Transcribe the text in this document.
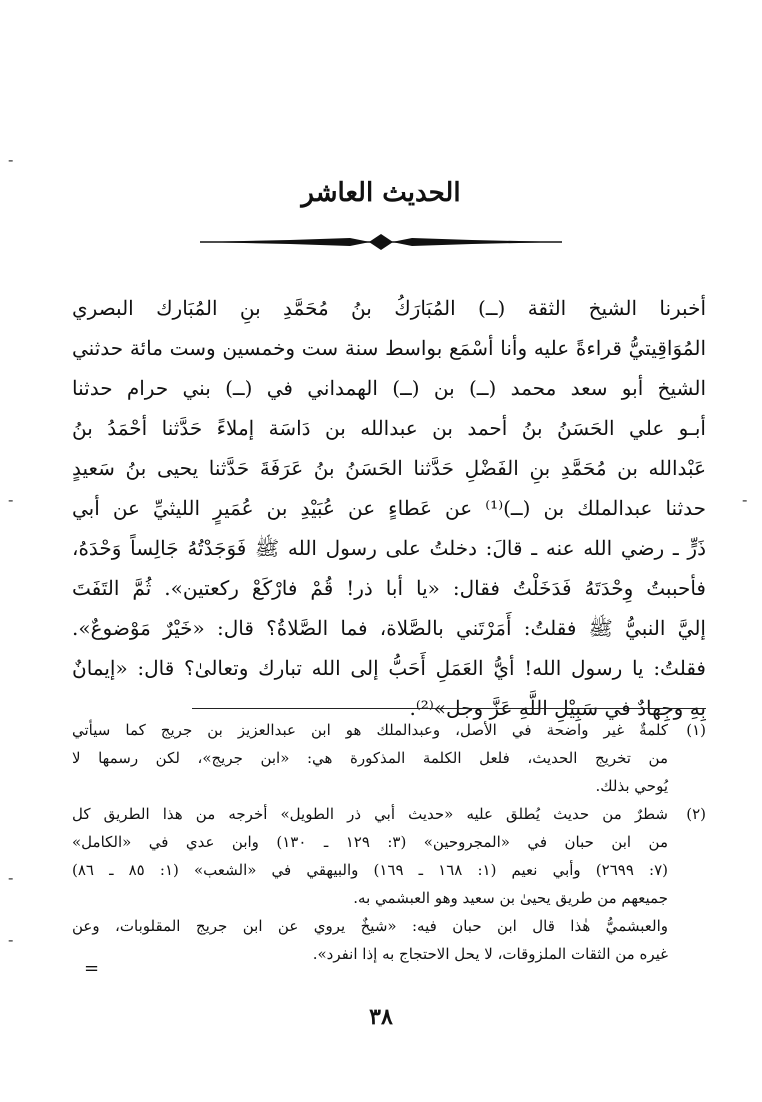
الحديث العاشر
أخبرنا الشيخ الثقة (ــ) المُبَارَكُ بنُ مُحَمَّدِ بنِ المُبَارك البصري
المُوَاقِيتيُّ قراءةً عليه وأنا أسْمَع بواسط سنة ست وخمسين وست مائة حدثني
الشيخ أبو سعد محمد (ــ) بن (ــ) الهمداني في (ــ) بني حرام حدثنا
أبـو علي الحَسَنُ بنُ أحمد بن عبدالله بن دَاسَة إملاءً حَدَّثنا أحْمَدُ بنُ
عَبْدالله بن مُحَمَّدِ بنِ الفَضْلِ حَدَّثنا الحَسَنُ بنُ عَرَفَةَ حَدَّثنا يحيى بنُ سَعيدٍ
حدثنا عبدالملك بن (ــ)⁽¹⁾ عن عَطاءٍ عن عُبَيْدِ بن عُمَيرٍ الليثيِّ عن أبي
ذَرٍّ ـ رضي الله عنه ـ قالَ: دخلتُ على رسول الله ﷺ فَوَجَدْتُهُ جَالِساً وَحْدَهُ،
فأحببتُ وِحْدَتَهُ فَدَخَلْتُ فقال: «يا أبا ذر! قُمْ فارْكَعْ ركعتين». ثُمَّ التَفَتَ
إليَّ النبيُّ ﷺ فقلتُ: أَمَرْتَني بالصَّلاة، فما الصَّلاةُ؟ قال: «خَيْرٌ مَوْضوعٌ».
فقلتُ: يا رسول الله! أيُّ العَمَلِ أَحَبُّ إلى الله تبارك وتعالىٰ؟ قال: «إيمانٌ
بِهِ وجِهادٌ في سَبِيْلِ اللَّهِ عَزَّ وجل»⁽²⁾.
(١)كلمةٌ غير واضحة في الأصل، وعبدالملك هو ابن عبدالعزيز بن جريج كما سيأتي
من تخريج الحديث، فلعل الكلمة المذكورة هي: «ابن جريج»، لكن رسمها لا
يُوحي بذلك.
(٢)شطرٌ من حديث يُطلق عليه «حديث أبي ذر الطويل» أخرجه من هذا الطريق كل
من ابن حبان في «المجروحين» (٣: ١٢٩ ـ ١٣٠) وابن عدي في «الكامل»
(٧: ٢٦٩٩) وأبي نعيم (١: ١٦٨ ـ ١٦٩) والبيهقي في «الشعب» (١: ٨٥ ـ ٨٦)
جميعهم من طريق يحيىٰ بن سعيد وهو العبشمي به.
والعبشميُّ هٰذا قال ابن حبان فيه: «شيخٌ يروي عن ابن جريج المقلوبات، وعن
غيره من الثقات الملزوقات، لا يحل الاحتجاج به إذا انفرد».
=
٣٨
-
-
-
-
-
